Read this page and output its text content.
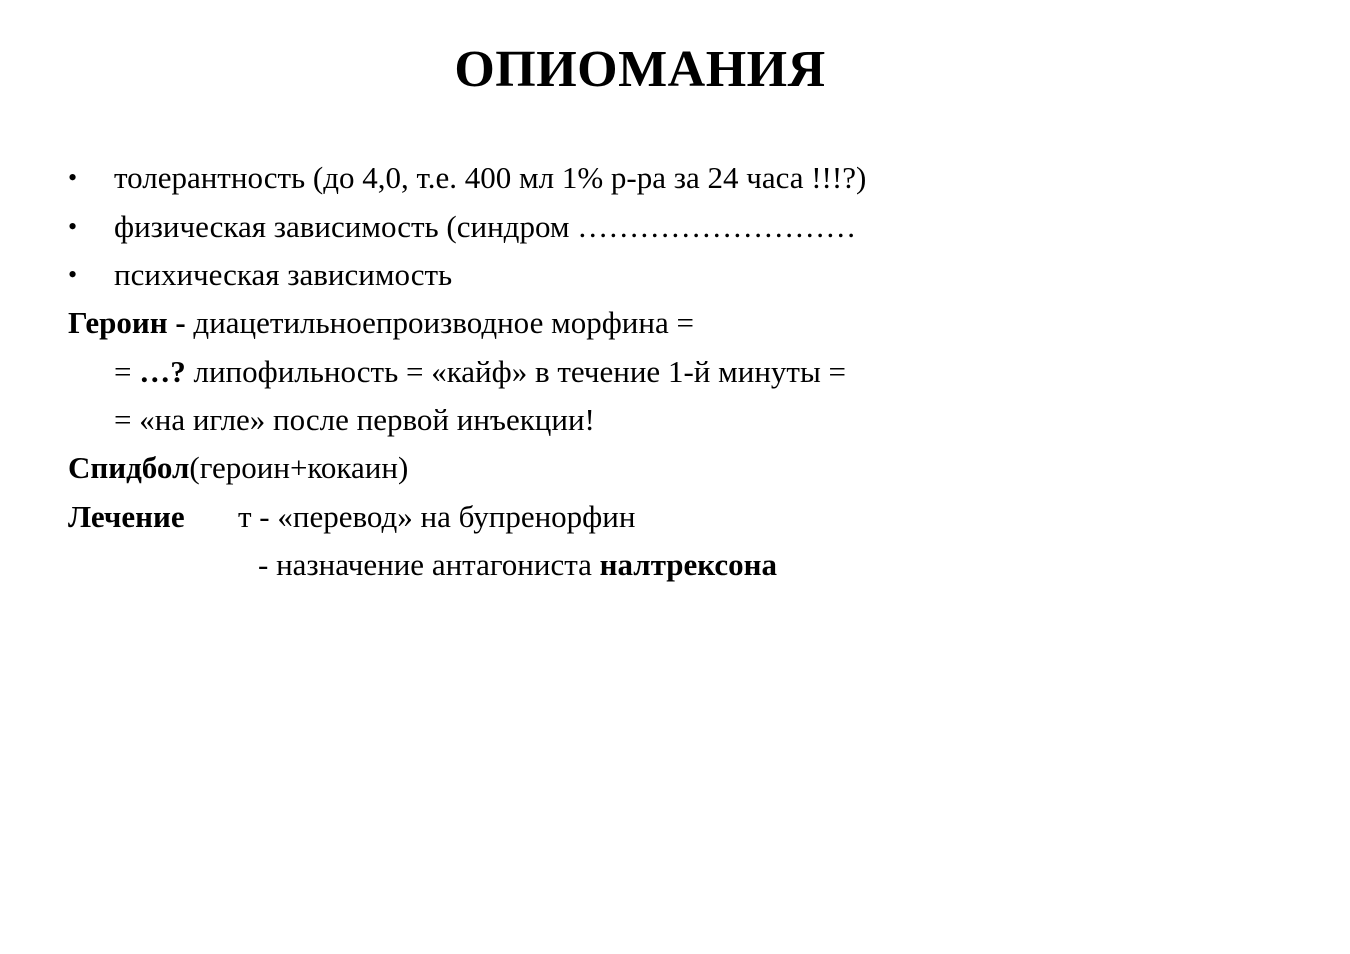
ОПИОМАНИЯ
• толерантность (до 4,0, т.е. 400 мл 1% р-ра за 24 часа !!!?)
• физическая зависимость (синдром ………………………
• психическая зависимость
Героин - диацетильноепроизводное морфина =
= …? липофильность = «кайф» в течение 1-й минуты =
= «на игле» после первой инъекции!
Спидбол(героин+кокаин)
Лечение т - «перевод» на бупренорфин
- назначение антагониста налтрексона
